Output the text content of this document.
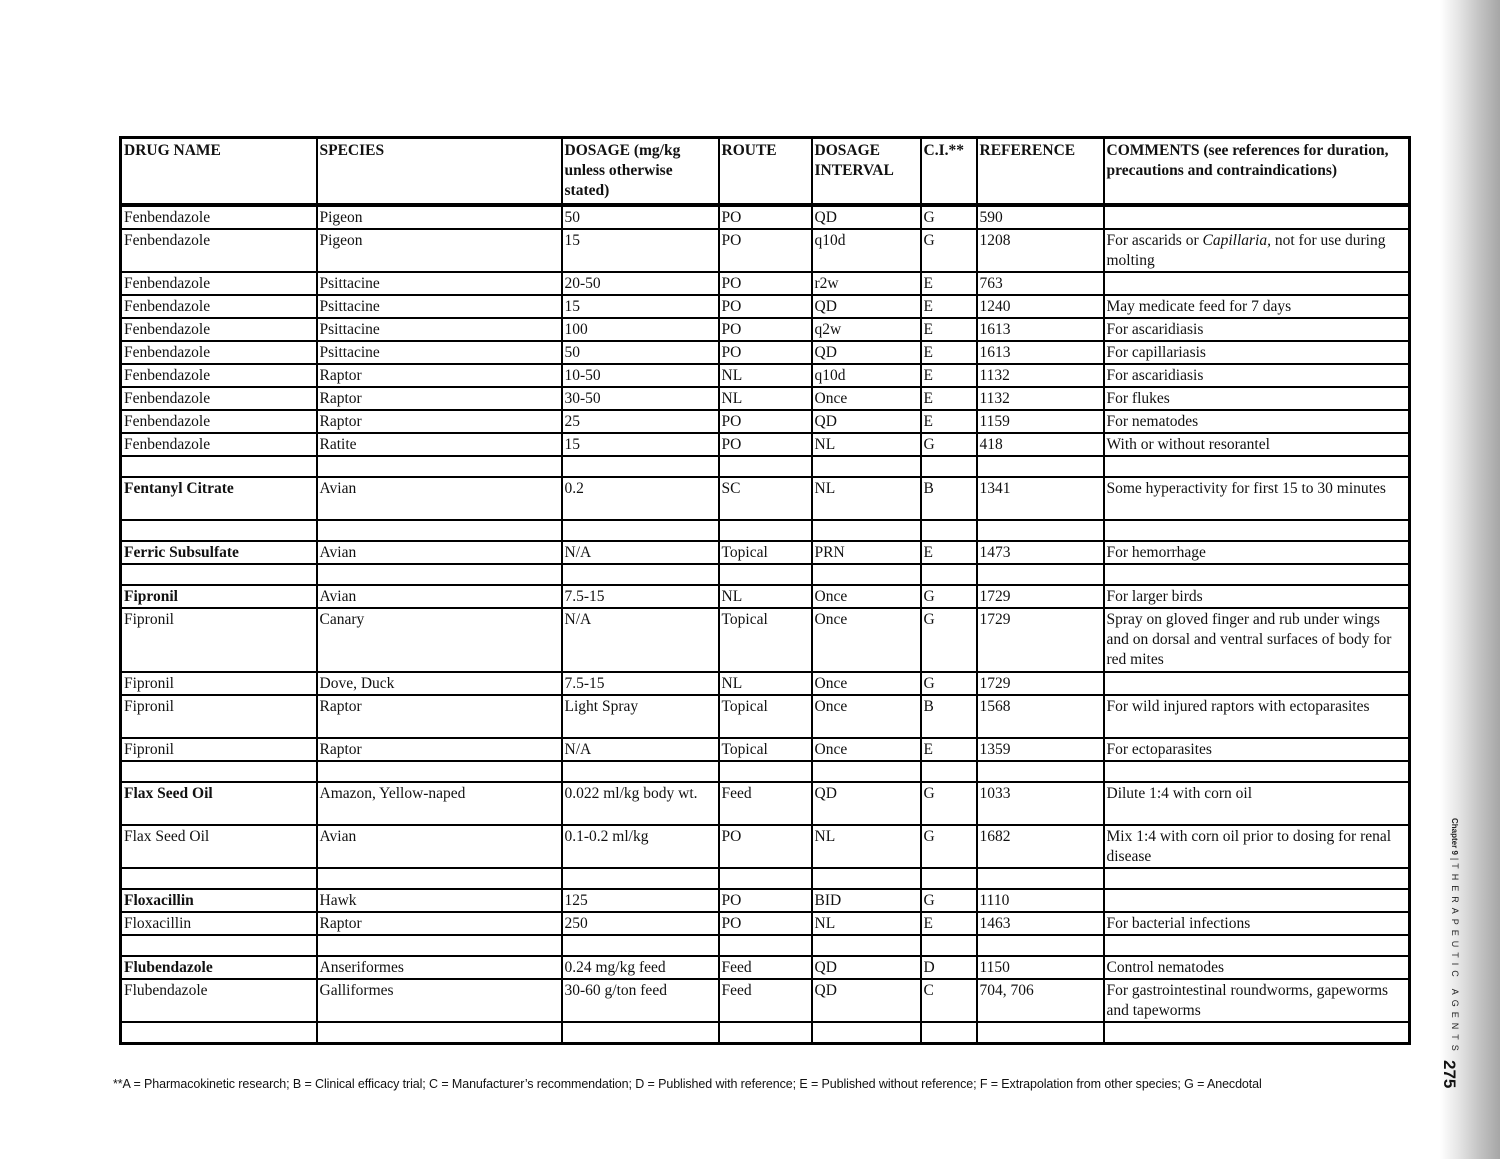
DRUG NAME	SPECIES	DOSAGE (mg/kg unless otherwise stated)	ROUTE	DOSAGE INTERVAL	C.I.**	REFERENCE	COMMENTS (see references for duration, precautions and contraindications)
Fenbendazole	Pigeon	50	PO	QD	G	590	
Fenbendazole	Pigeon	15	PO	q10d	G	1208	For ascarids or Capillaria, not for use during molting
Fenbendazole	Psittacine	20-50	PO	r2w	E	763	
Fenbendazole	Psittacine	15	PO	QD	E	1240	May medicate feed for 7 days
Fenbendazole	Psittacine	100	PO	q2w	E	1613	For ascaridiasis
Fenbendazole	Psittacine	50	PO	QD	E	1613	For capillariasis
Fenbendazole	Raptor	10-50	NL	q10d	E	1132	For ascaridiasis
Fenbendazole	Raptor	30-50	NL	Once	E	1132	For flukes
Fenbendazole	Raptor	25	PO	QD	E	1159	For nematodes
Fenbendazole	Ratite	15	PO	NL	G	418	With or without resorantel

Fentanyl Citrate	Avian	0.2	SC	NL	B	1341	Some hyperactivity for first 15 to 30 minutes

Ferric Subsulfate	Avian	N/A	Topical	PRN	E	1473	For hemorrhage

Fipronil	Avian	7.5-15	NL	Once	G	1729	For larger birds
Fipronil	Canary	N/A	Topical	Once	G	1729	Spray on gloved finger and rub under wings and on dorsal and ventral surfaces of body for red mites
Fipronil	Dove, Duck	7.5-15	NL	Once	G	1729	
Fipronil	Raptor	Light Spray	Topical	Once	B	1568	For wild injured raptors with ectoparasites
Fipronil	Raptor	N/A	Topical	Once	E	1359	For ectoparasites

Flax Seed Oil	Amazon, Yellow-naped	0.022 ml/kg body wt.	Feed	QD	G	1033	Dilute 1:4 with corn oil
Flax Seed Oil	Avian	0.1-0.2 ml/kg	PO	NL	G	1682	Mix 1:4 with corn oil prior to dosing for renal disease

Floxacillin	Hawk	125	PO	BID	G	1110	
Floxacillin	Raptor	250	PO	NL	E	1463	For bacterial infections

Flubendazole	Anseriformes	0.24 mg/kg feed	Feed	QD	D	1150	Control nematodes
Flubendazole	Galliformes	30-60 g/ton feed	Feed	QD	C	704, 706	For gastrointestinal roundworms, gapeworms and tapeworms

**A = Pharmacokinetic research; B = Clinical efficacy trial; C = Manufacturer’s recommendation; D = Published with reference; E = Published without reference; F = Extrapolation from other species; G = Anecdotal
Chapter 9|THERAPEUTIC AGENTS
275
